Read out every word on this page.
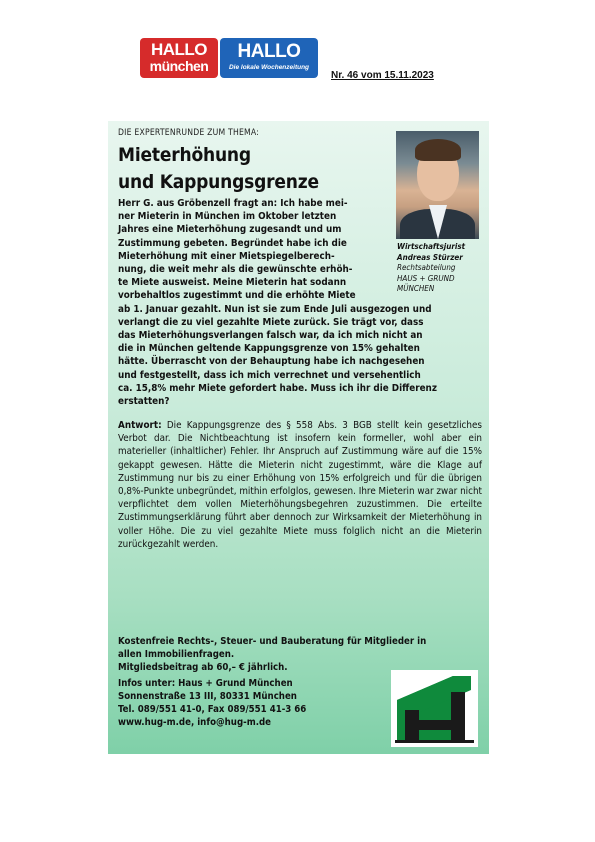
HALLO
münchen
HALLO
Die lokale Wochenzeitung
Nr. 46 vom 15.11.2023
DIE EXPERTENRUNDE ZUM THEMA:
Mieterhöhung
und Kappungsgrenze
Wirtschaftsjurist
Andreas Stürzer
Rechtsabteilung
HAUS + GRUND
MÜNCHEN
Herr G. aus Gröbenzell fragt an: Ich habe mei-
ner Mieterin in München im Oktober letzten
Jahres eine Mieterhöhung zugesandt und um
Zustimmung gebeten. Begründet habe ich die
Mieterhöhung mit einer Mietspiegelberech-
nung, die weit mehr als die gewünschte erhöh-
te Miete ausweist. Meine Mieterin hat sodann
vorbehaltlos zugestimmt und die erhöhte Miete
ab 1. Januar gezahlt. Nun ist sie zum Ende Juli ausgezogen und
verlangt die zu viel gezahlte Miete zurück. Sie trägt vor, dass
das Mieterhöhungsverlangen falsch war, da ich mich nicht an
die in München geltende Kappungsgrenze von 15% gehalten
hätte. Überrascht von der Behauptung habe ich nachgesehen
und festgestellt, dass ich mich verrechnet und versehentlich
ca. 15,8% mehr Miete gefordert habe. Muss ich ihr die Differenz
erstatten?
Antwort: Die Kappungsgrenze des § 558 Abs. 3 BGB stellt kein gesetzliches Verbot dar. Die Nichtbeachtung ist insofern kein formeller, wohl aber ein materieller (inhaltlicher) Fehler. Ihr Anspruch auf Zustimmung wäre auf die 15% gekappt gewesen. Hätte die Mieterin nicht zugestimmt, wäre die Klage auf Zustimmung nur bis zu einer Erhöhung von 15% erfolgreich und für die übrigen 0,8%-Punkte unbegründet, mithin erfolglos, gewesen. Ihre Mieterin war zwar nicht verpflichtet dem vollen Mieterhöhungsbegehren zuzustimmen. Die erteilte Zustimmungserklärung führt aber dennoch zur Wirksamkeit der Mieterhöhung in voller Höhe. Die zu viel gezahlte Miete muss folglich nicht an die Mieterin zurückgezahlt werden.
Kostenfreie Rechts-, Steuer- und Bauberatung für Mitglieder in
allen Immobilienfragen.
Mitgliedsbeitrag ab 60,– € jährlich.
Infos unter: Haus + Grund München
Sonnenstraße 13 III, 80331 München
Tel. 089/551 41-0, Fax 089/551 41-3 66
www.hug-m.de, info@hug-m.de
